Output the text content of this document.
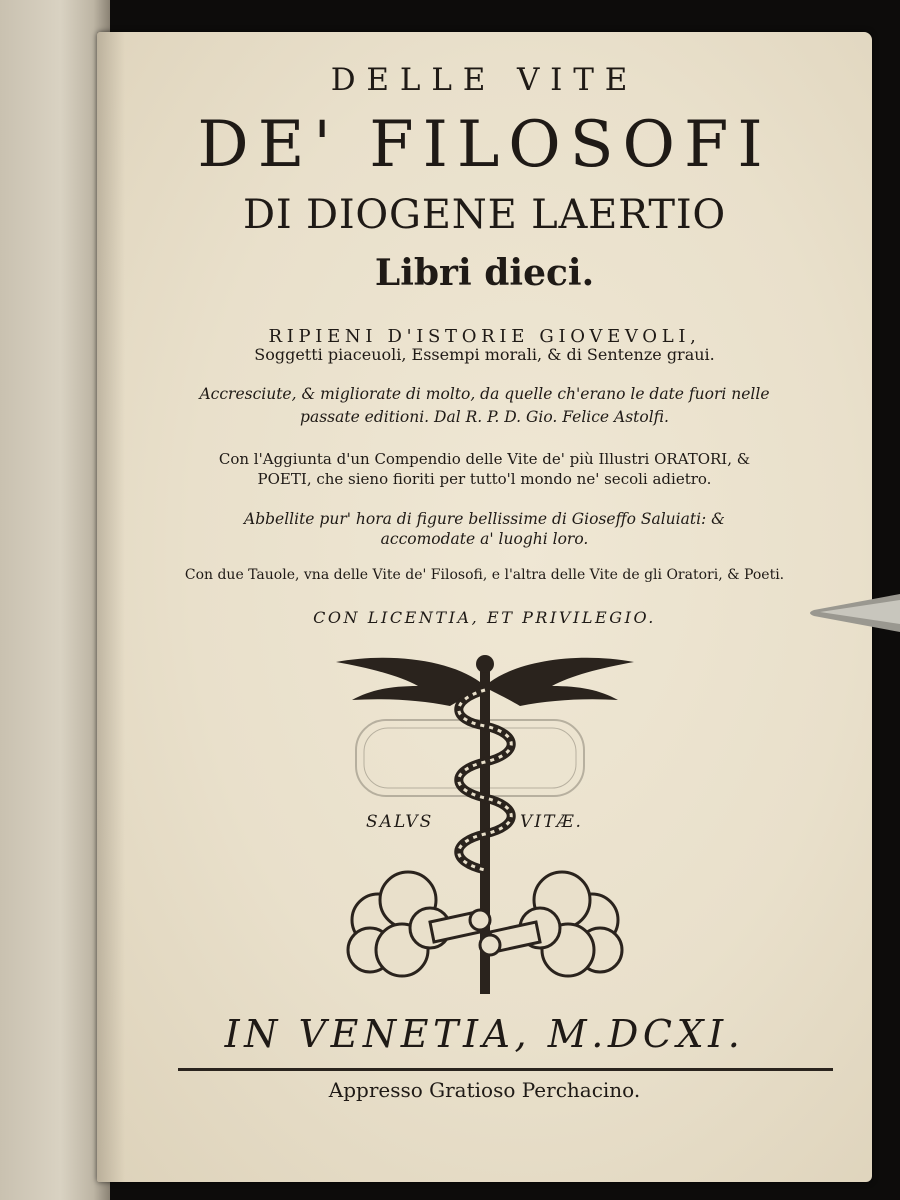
DELLE VITE
DE' FILOSOFI
DI DIOGENE LAERTIO
Libri dieci.
RIPIENI D'ISTORIE GIOVEVOLI,
Soggetti piaceuoli, Essempi morali, & di Sentenze graui.
Accresciute, & migliorate di molto, da quelle ch'erano le date fuori nelle
passate editioni. Dal R. P. D. Gio. Felice Astolfi.
Con l'Aggiunta d'un Compendio delle Vite de' più Illustri ORATORI, &
POETI, che sieno fioriti per tutto'l mondo ne' secoli adietro.
Abbellite pur' hora di figure bellissime di Gioseffo Saluiati: &
accomodate a' luoghi loro.
Con due Tauole, vna delle Vite de' Filosofi, e l'altra delle Vite de gli Oratori, & Poeti.
CON LICENTIA, ET PRIVILEGIO.
SALVS	VITÆ.
IN VENETIA, M.DCXI.
Appresso Gratioso Perchacino.
